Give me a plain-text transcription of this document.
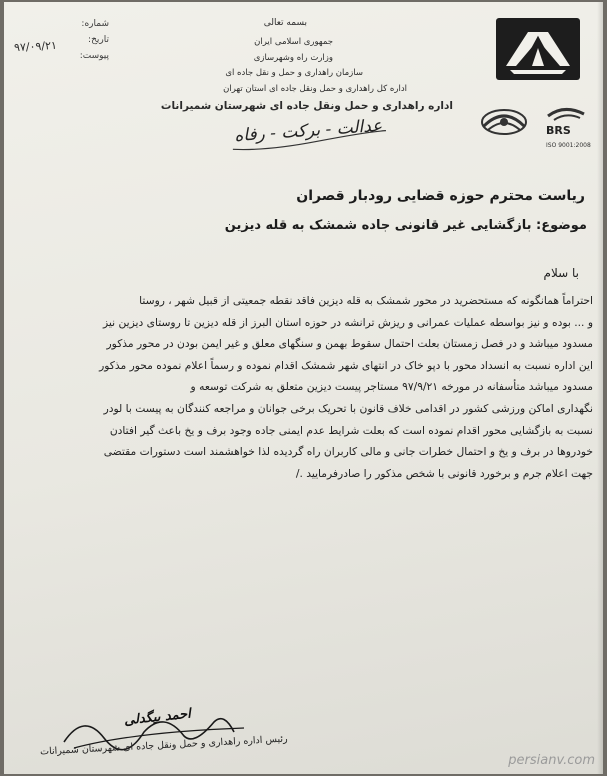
BRS
ISO 9001:2008
بسمه تعالی
جمهوری اسلامی ایران
وزارت راه وشهرسازی
سازمان راهداری و حمل و نقل جاده ای
اداره کل راهداری و حمل ونقل جاده ای استان تهران
اداره راهداری و حمل ونقل جاده ای شهرستان شمیرانات
عدالت - برکت - رفاه
شماره:
تاریخ:
پیوست:
۹۷/۰۹/۲۱
ریاست محترم حوزه قضایی رودبار قصران
موضوع: بازگشایی غیر قانونی جاده شمشک به قله دیزین
با سلام
احتراماً همانگونه که مستحضرید در محور شمشک به قله دیزین فاقد نقطه جمعیتی از قبیل شهر ، روستا
و ... بوده و نیز بواسطه عملیات عمرانی و ریزش ترانشه در حوزه استان البرز از قله دیزین تا روستای دیزین نیز
مسدود میباشد و در فصل زمستان بعلت احتمال سقوط بهمن و سنگهای معلق و غیر ایمن بودن در محور مذکور
این اداره نسبت به انسداد محور با دپو خاک در انتهای شهر شمشک اقدام نموده و رسماً اعلام نموده محور مذکور
مسدود میباشد متأسفانه در مورخه ۹۷/۹/۲۱ مستاجر پیست دیزین متعلق به شرکت توسعه و
نگهداری اماکن ورزشی کشور در اقدامی خلاف قانون با تحریک برخی جوانان و مراجعه کنندگان به پیست با لودر
نسبت به بازگشایی محور اقدام نموده است که بعلت شرایط عدم ایمنی جاده وجود برف و یخ باعث گیر افتادن
خودروها در برف و یخ و احتمال خطرات جانی و مالی کاربران راه گردیده لذا خواهشمند است دستورات مقتضی
جهت اعلام جرم و برخورد قانونی با شخص مذکور را صادرفرمایید ./
احمد بیگدلی
رئیس اداره راهداری و حمل ونقل جاده ای شهرستان شمیرانات
persianv.com
